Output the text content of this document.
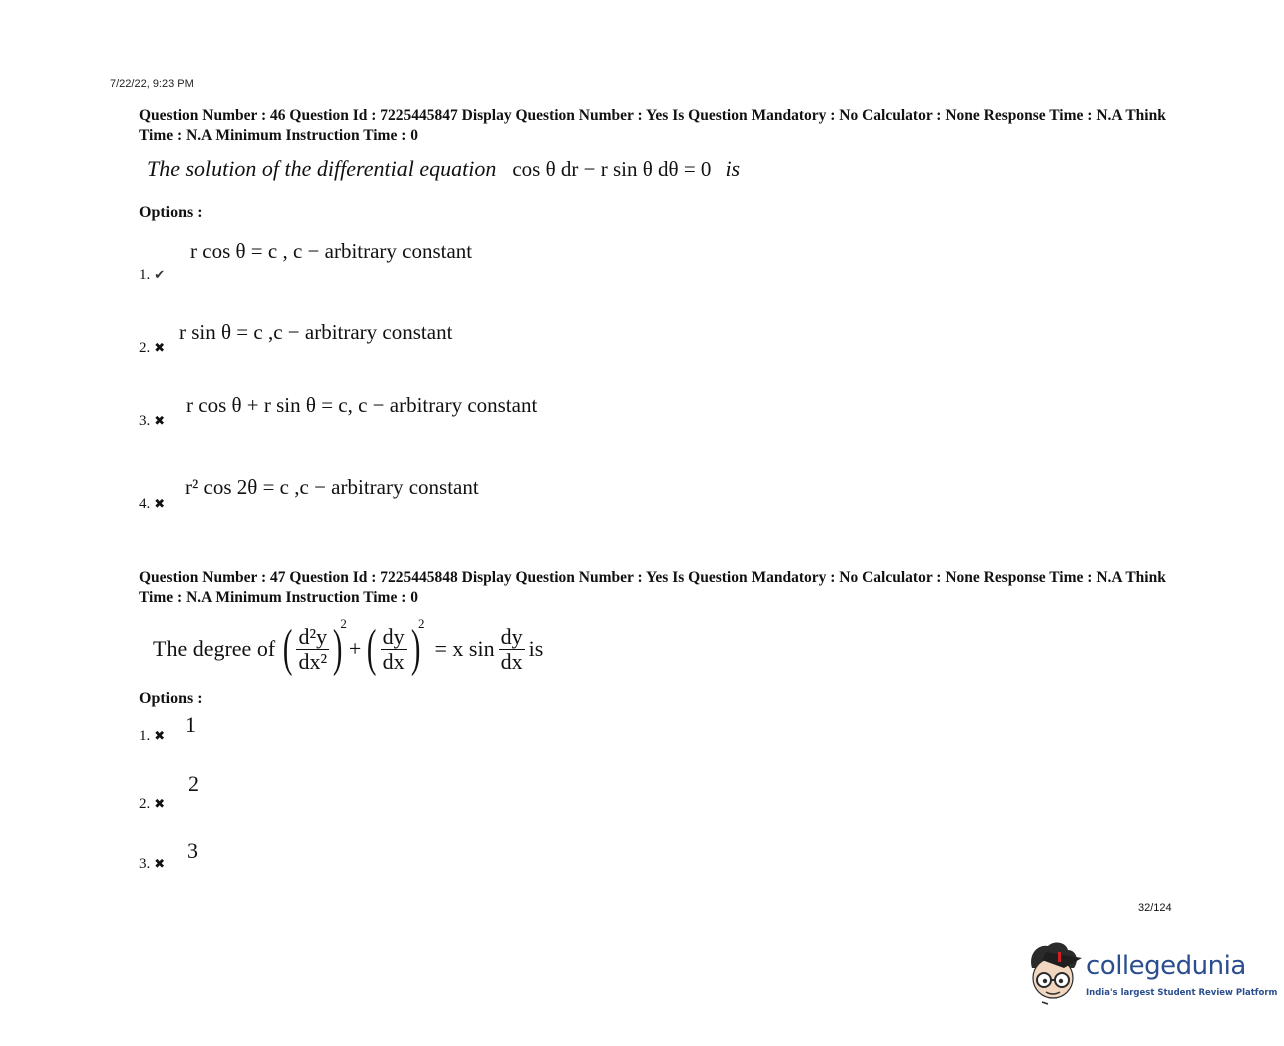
7/22/22, 9:23 PM
Question Number : 46 Question Id : 7225445847 Display Question Number : Yes Is Question Mandatory : No Calculator : None Response Time : N.A Think Time : N.A Minimum Instruction Time : 0
The solution of the differential equation cos θ dr − r sin θ dθ = 0 is
Options :
1. ✔
r cos θ = c , c − arbitrary constant
2. ✖
r sin θ = c ,c − arbitrary constant
3. ✖
r cos θ + r sin θ = c, c − arbitrary constant
4. ✖
r² cos 2θ = c ,c − arbitrary constant
Question Number : 47 Question Id : 7225445848 Display Question Number : Yes Is Question Mandatory : No Calculator : None Response Time : N.A Think Time : N.A Minimum Instruction Time : 0
The degree of ( $\frac{\text{d²y}}{\text{dx²}}$ )
2
+ ( $\frac{dy}{dx}$ )
2
= x $\sin \frac{dy}{dx}$ is
Options :
1. ✖ 1
2. ✖
2
3. ✖
3
32/124
collegedunia
India's largest Student Review Platform
